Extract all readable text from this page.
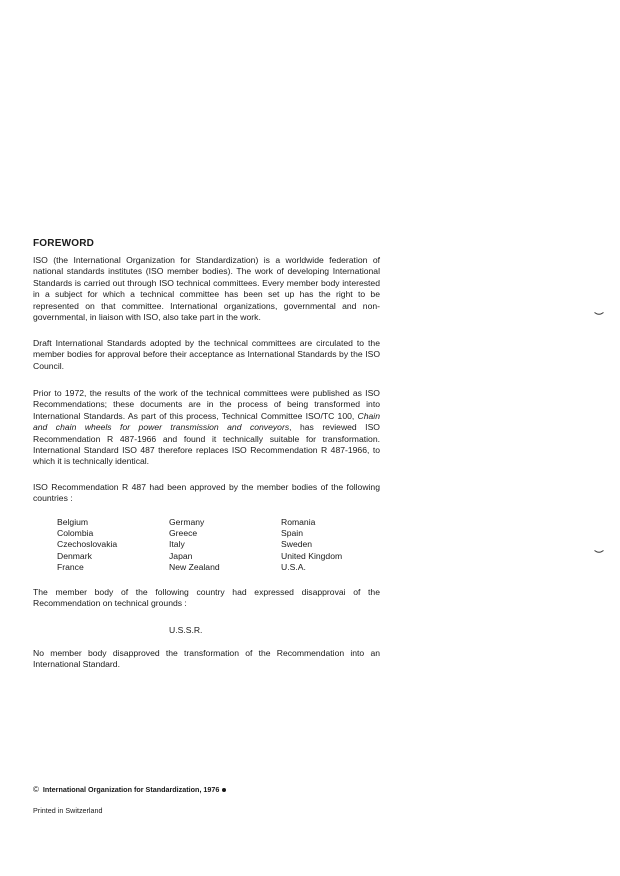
FOREWORD

ISO (the International Organization for Standardization) is a worldwide federation of national standards institutes (ISO member bodies). The work of developing International Standards is carried out through ISO technical committees. Every member body interested in a subject for which a technical committee has been set up has the right to be represented on that committee. International organizations, governmental and non-governmental, in liaison with ISO, also take part in the work.

Draft International Standards adopted by the technical committees are circulated to the member bodies for approval before their acceptance as International Standards by the ISO Council.

Prior to 1972, the results of the work of the technical committees were published as ISO Recommendations; these documents are in the process of being transformed into International Standards. As part of this process, Technical Committee ISO/TC 100, Chain and chain wheels for power transmission and conveyors, has reviewed ISO Recommendation R 487-1966 and found it technically suitable for transformation. International Standard ISO 487 therefore replaces ISO Recommendation R 487-1966, to which it is technically identical.

ISO Recommendation R 487 had been approved by the member bodies of the following countries :

Belgium	Germany	Romania
Colombia	Greece	Spain
Czechoslovakia	Italy	Sweden
Denmark	Japan	United Kingdom
France	New Zealand	U.S.A.

The member body of the following country had expressed disapprovai of the Recommendation on technical grounds :

U.S.S.R.

No member body disapproved the transformation of the Recommendation into an International Standard.

© International Organization for Standardization, 1976

Printed in Switzerland
